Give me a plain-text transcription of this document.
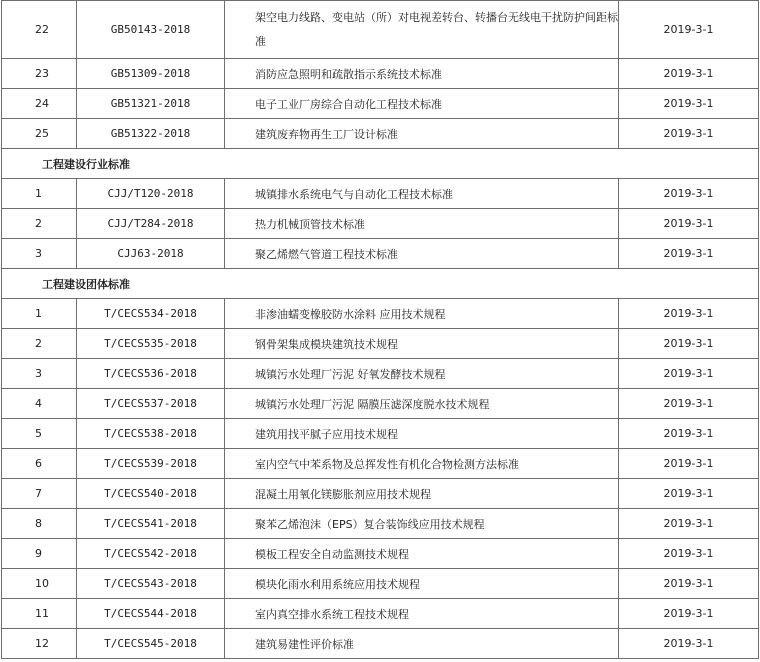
22	GB50143-2018	架空电力线路、变电站（所）对电视差转台、转播台无线电干扰防护间距标准	2019-3-1
23	GB51309-2018	消防应急照明和疏散指示系统技术标准	2019-3-1
24	GB51321-2018	电子工业厂房综合自动化工程技术标准	2019-3-1
25	GB51322-2018	建筑废弃物再生工厂设计标准	2019-3-1
工程建设行业标准			
1	CJJ/T120-2018	城镇排水系统电气与自动化工程技术标准	2019-3-1
2	CJJ/T284-2018	热力机械顶管技术标准	2019-3-1
3	CJJ63-2018	聚乙烯燃气管道工程技术标准	2019-3-1
工程建设团体标准			
1	T/CECS534-2018	非渗油蠕变橡胶防水涂料 应用技术规程	2019-3-1
2	T/CECS535-2018	钢骨架集成模块建筑技术规程	2019-3-1
3	T/CECS536-2018	城镇污水处理厂污泥 好氧发酵技术规程	2019-3-1
4	T/CECS537-2018	城镇污水处理厂污泥 隔膜压滤深度脱水技术规程	2019-3-1
5	T/CECS538-2018	建筑用找平腻子应用技术规程	2019-3-1
6	T/CECS539-2018	室内空气中苯系物及总挥发性有机化合物检测方法标准	2019-3-1
7	T/CECS540-2018	混凝土用氧化镁膨胀剂应用技术规程	2019-3-1
8	T/CECS541-2018	聚苯乙烯泡沫（EPS）复合装饰线应用技术规程	2019-3-1
9	T/CECS542-2018	模板工程安全自动监测技术规程	2019-3-1
10	T/CECS543-2018	模块化雨水利用系统应用技术规程	2019-3-1
11	T/CECS544-2018	室内真空排水系统工程技术规程	2019-3-1
12	T/CECS545-2018	建筑易建性评价标准	2019-3-1
